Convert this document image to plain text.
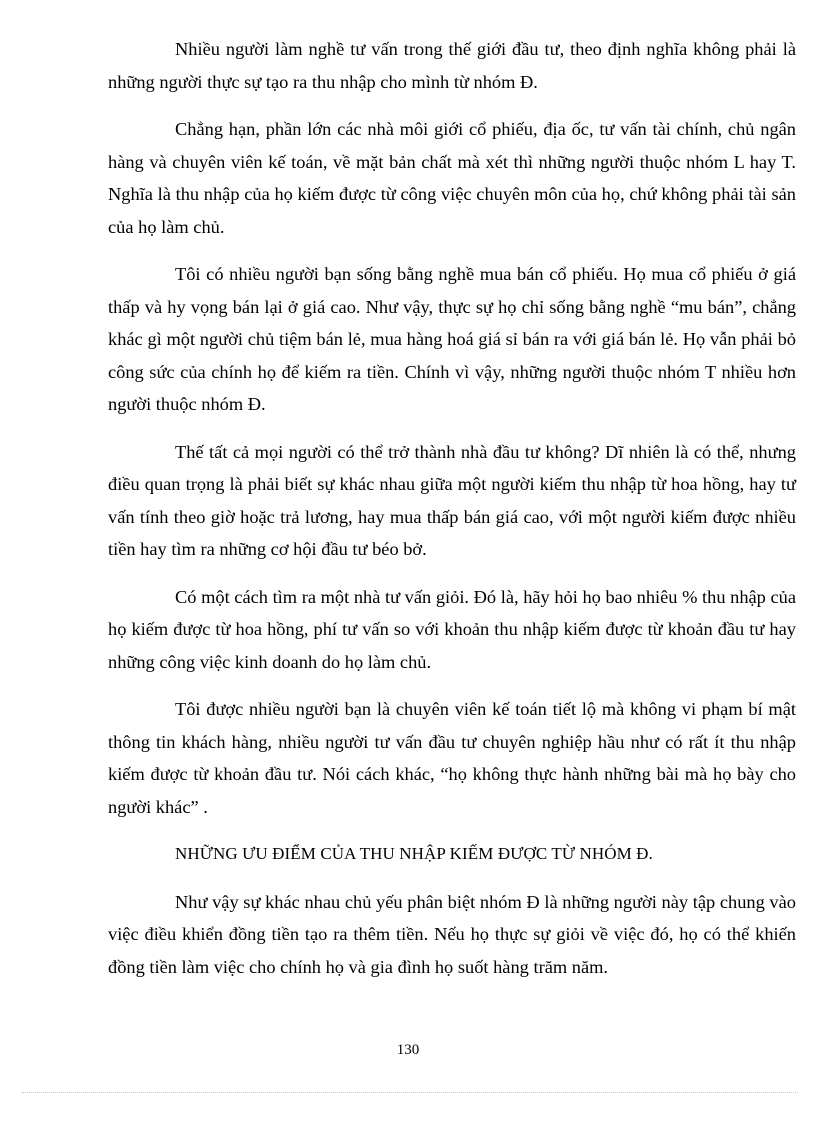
Nhiều người làm nghề tư vấn trong thế giới đầu tư, theo định nghĩa không phải là những người thực sự tạo ra thu nhập cho mình từ nhóm Đ.

Chẳng hạn, phần lớn các nhà môi giới cổ phiếu, địa ốc, tư vấn tài chính, chủ ngân hàng và chuyên viên kế toán, về mặt bản chất mà xét thì những người thuộc nhóm L hay T. Nghĩa là thu nhập của họ kiếm được từ công việc chuyên môn của họ, chứ không phải tài sản của họ làm chủ.

Tôi có nhiều người bạn sống bằng nghề mua bán cổ phiếu. Họ mua cổ phiếu ở giá thấp và hy vọng bán lại ở giá cao. Như vậy, thực sự họ chỉ sống bằng nghề “mu bán”, chẳng khác gì một người chủ tiệm bán lẻ, mua hàng hoá giá sỉ bán ra với giá bán lẻ. Họ vẫn phải bỏ công sức của chính họ để kiếm ra tiền. Chính vì vậy, những người thuộc nhóm T nhiều hơn người thuộc nhóm Đ.

Thế tất cả mọi người có thể trở thành nhà đầu tư không? Dĩ nhiên là có thể, nhưng điều quan trọng là phải biết sự khác nhau giữa một người kiếm thu nhập từ hoa hồng, hay tư vấn tính theo giờ hoặc trả lương, hay mua thấp bán giá cao, với một người kiếm được nhiều tiền hay tìm ra những cơ hội đầu tư béo bở.

Có một cách tìm ra một nhà tư vấn giỏi. Đó là, hãy hỏi họ bao nhiêu % thu nhập của họ kiếm được từ hoa hồng, phí tư vấn so với khoản thu nhập kiếm được từ khoản đầu tư hay những công việc kinh doanh do họ làm chủ.

Tôi được nhiều người bạn là chuyên viên kế toán tiết lộ mà không vi phạm bí mật thông tin khách hàng, nhiều người tư vấn đầu tư chuyên nghiệp hầu như có rất ít thu nhập kiếm được từ khoản đầu tư. Nói cách khác, “họ không thực hành những bài mà họ bày cho người khác” .

NHỮNG ƯU ĐIỂM CỦA THU NHẬP KIẾM ĐƯỢC TỪ NHÓM Đ.

Như vậy sự khác nhau chủ yếu phân biệt nhóm Đ là những người này tập chung vào việc điều khiển đồng tiền tạo ra thêm tiền. Nếu họ thực sự giỏi về việc đó, họ có thể khiến đồng tiền làm việc cho chính họ và gia đình họ suốt hàng trăm năm.

130
